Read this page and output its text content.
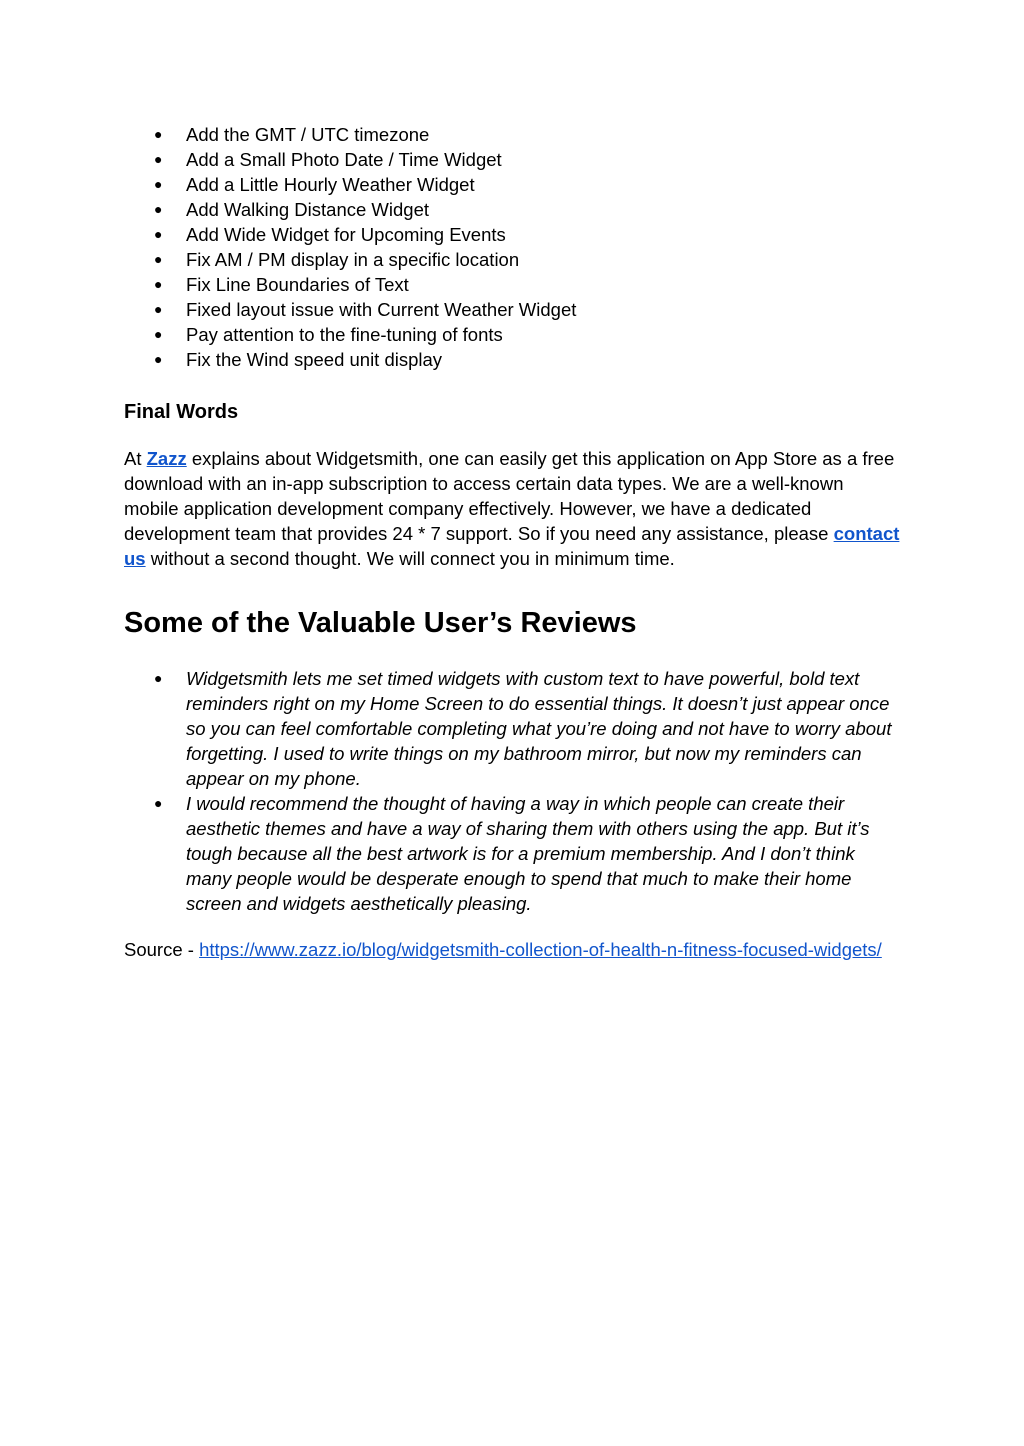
● Add the GMT / UTC timezone
● Add a Small Photo Date / Time Widget
● Add a Little Hourly Weather Widget
● Add Walking Distance Widget
● Add Wide Widget for Upcoming Events
● Fix AM / PM display in a specific location
● Fix Line Boundaries of Text
● Fixed layout issue with Current Weather Widget
● Pay attention to the fine-tuning of fonts
● Fix the Wind speed unit display
Final Words

At Zazz explains about Widgetsmith, one can easily get this application on App Store as a free download with an in-app subscription to access certain data types. We are a well-known mobile application development company effectively. However, we have a dedicated development team that provides 24 * 7 support. So if you need any assistance, please contact us without a second thought. We will connect you in minimum time.

Some of the Valuable User’s Reviews
● Widgetsmith lets me set timed widgets with custom text to have powerful, bold text reminders right on my Home Screen to do essential things. It doesn’t just appear once so you can feel comfortable completing what you’re doing and not have to worry about forgetting. I used to write things on my bathroom mirror, but now my reminders can appear on my phone.
● I would recommend the thought of having a way in which people can create their aesthetic themes and have a way of sharing them with others using the app. But it’s tough because all the best artwork is for a premium membership. And I don’t think many people would be desperate enough to spend that much to make their home screen and widgets aesthetically pleasing.

Source - https://www.zazz.io/blog/widgetsmith-collection-of-health-n-fitness-focused-widgets/
